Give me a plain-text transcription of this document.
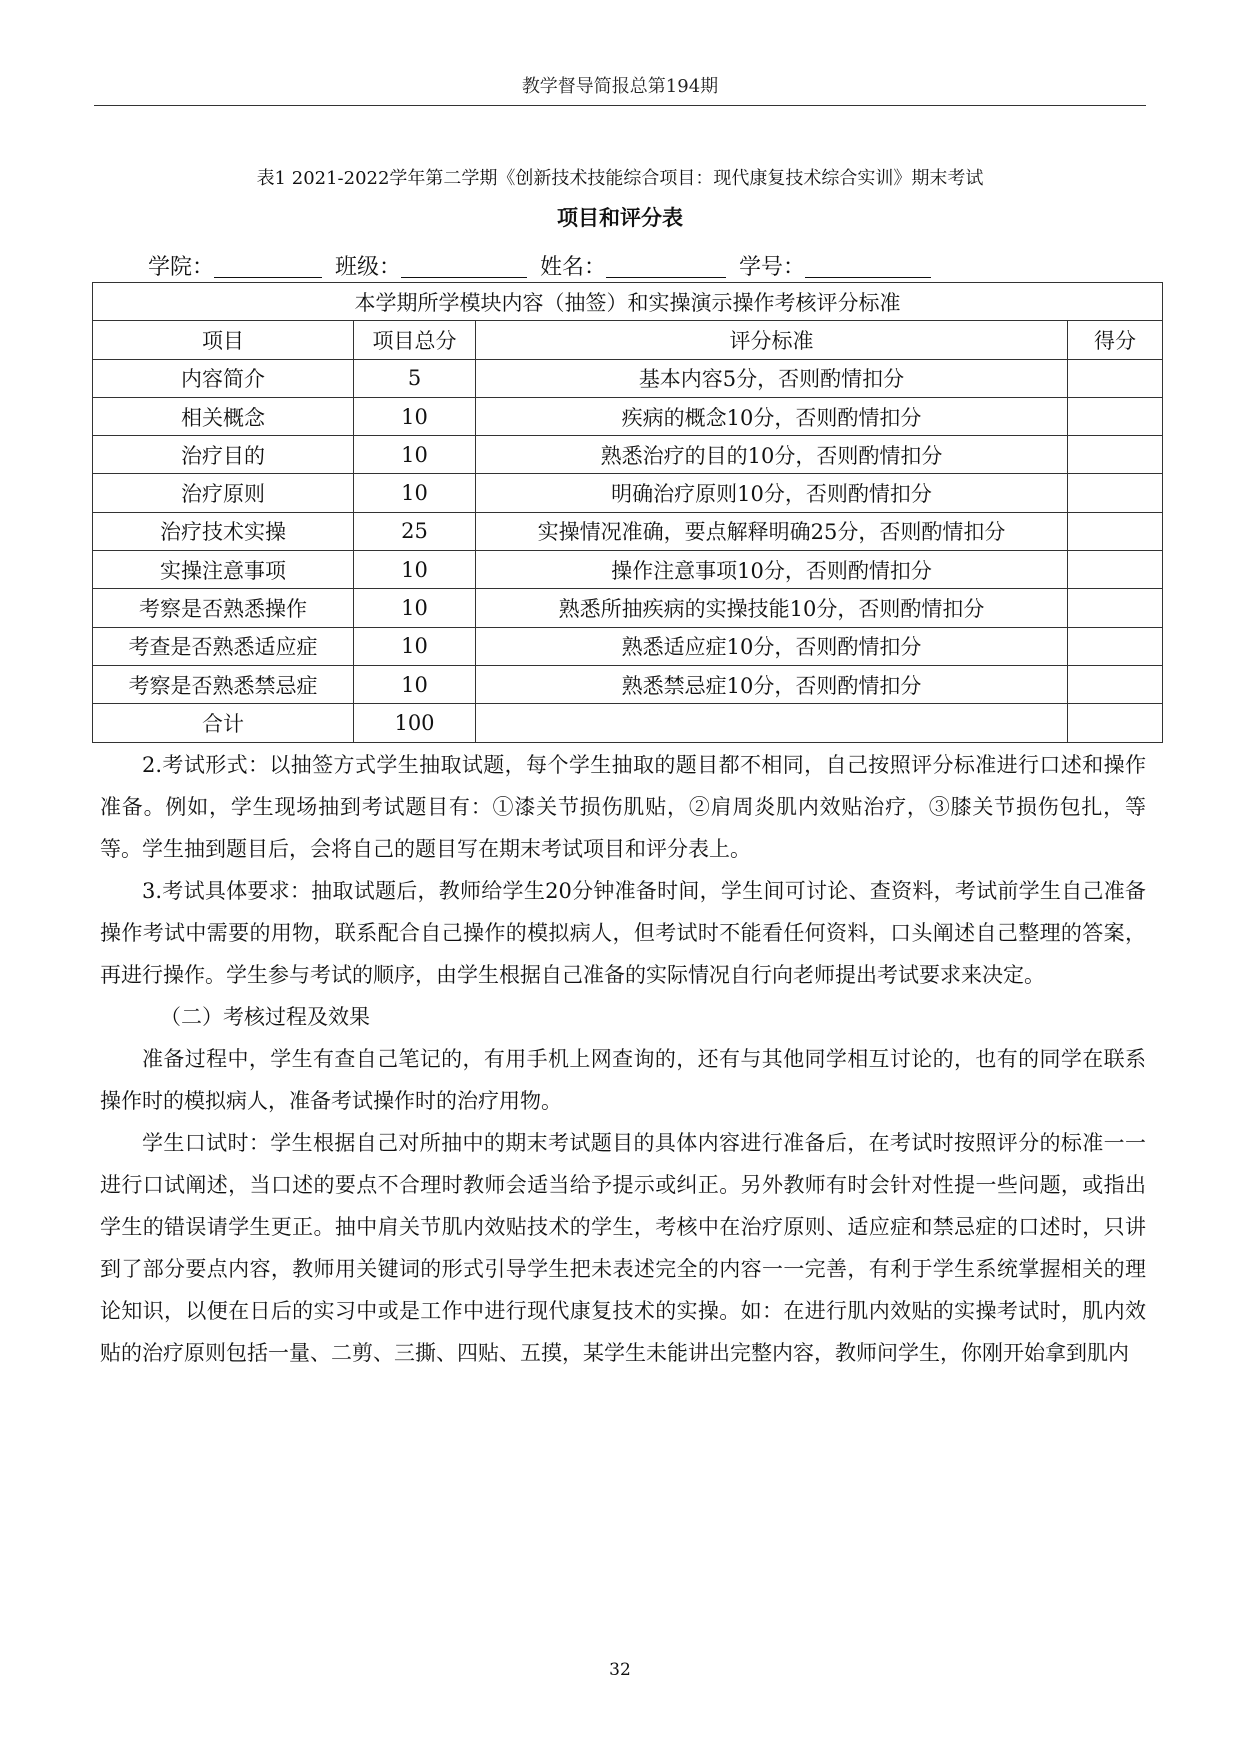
教学督导简报总第194期
表1 2021-2022学年第二学期《创新技术技能综合项目：现代康复技术综合实训》期末考试
项目和评分表
学院：	班级：	姓名：	学号：
本学期所学模块内容（抽签）和实操演示操作考核评分标准			
项目	项目总分	评分标准	得分
内容简介	5	基本内容5分，否则酌情扣分	
相关概念	10	疾病的概念10分，否则酌情扣分	
治疗目的	10	熟悉治疗的目的10分，否则酌情扣分	
治疗原则	10	明确治疗原则10分，否则酌情扣分	
治疗技术实操	25	实操情况准确，要点解释明确25分，否则酌情扣分	
实操注意事项	10	操作注意事项10分，否则酌情扣分	
考察是否熟悉操作	10	熟悉所抽疾病的实操技能10分，否则酌情扣分	
考查是否熟悉适应症	10	熟悉适应症10分，否则酌情扣分	
考察是否熟悉禁忌症	10	熟悉禁忌症10分，否则酌情扣分	
合计	100		

2.考试形式：以抽签方式学生抽取试题，每个学生抽取的题目都不相同，自己按照评分标准进行口述和操作准备。例如，学生现场抽到考试题目有：①漆关节损伤肌贴，②肩周炎肌内效贴治疗，③膝关节损伤包扎，等等。学生抽到题目后，会将自己的题目写在期末考试项目和评分表上。

3.考试具体要求：抽取试题后，教师给学生20分钟准备时间，学生间可讨论、查资料，考试前学生自己准备操作考试中需要的用物，联系配合自己操作的模拟病人，但考试时不能看任何资料，口头阐述自己整理的答案，再进行操作。学生参与考试的顺序，由学生根据自己准备的实际情况自行向老师提出考试要求来决定。

（二）考核过程及效果

准备过程中，学生有查自己笔记的，有用手机上网查询的，还有与其他同学相互讨论的，也有的同学在联系操作时的模拟病人，准备考试操作时的治疗用物。

学生口试时：学生根据自己对所抽中的期末考试题目的具体内容进行准备后，在考试时按照评分的标准一一进行口试阐述，当口述的要点不合理时教师会适当给予提示或纠正。另外教师有时会针对性提一些问题，或指出学生的错误请学生更正。抽中肩关节肌内效贴技术的学生，考核中在治疗原则、适应症和禁忌症的口述时，只讲到了部分要点内容，教师用关键词的形式引导学生把未表述完全的内容一一完善，有利于学生系统掌握相关的理论知识，以便在日后的实习中或是工作中进行现代康复技术的实操。如：在进行肌内效贴的实操考试时，肌内效贴的治疗原则包括一量、二剪、三撕、四贴、五摸，某学生未能讲出完整内容，教师问学生，你刚开始拿到肌内

32
